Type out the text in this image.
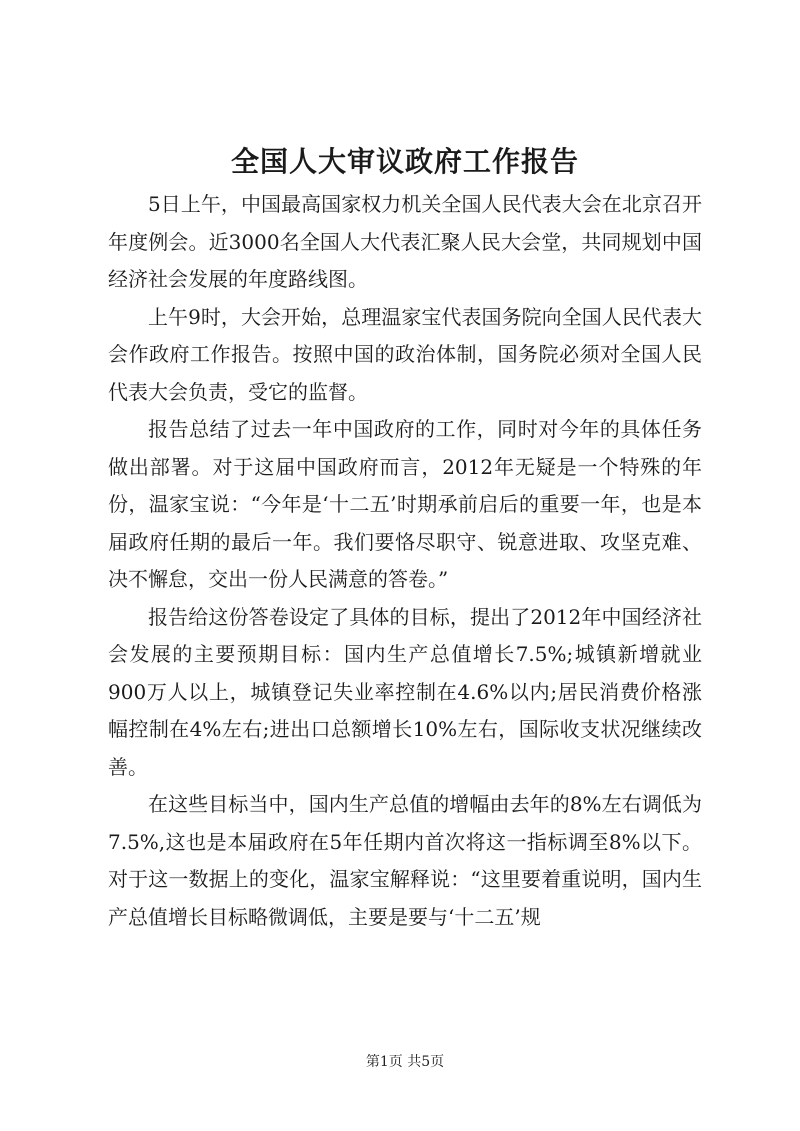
全国人大审议政府工作报告

5日上午，中国最高国家权力机关全国人民代表大会在北京召开年度例会。近3000名全国人大代表汇聚人民大会堂，共同规划中国经济社会发展的年度路线图。

上午9时，大会开始，总理温家宝代表国务院向全国人民代表大会作政府工作报告。按照中国的政治体制，国务院必须对全国人民代表大会负责，受它的监督。

报告总结了过去一年中国政府的工作，同时对今年的具体任务做出部署。对于这届中国政府而言，2012年无疑是一个特殊的年份，温家宝说：“今年是‘十二五’时期承前启后的重要一年，也是本届政府任期的最后一年。我们要恪尽职守、锐意进取、攻坚克难、决不懈怠，交出一份人民满意的答卷。”

报告给这份答卷设定了具体的目标，提出了2012年中国经济社会发展的主要预期目标：国内生产总值增长7.5%;城镇新增就业900万人以上，城镇登记失业率控制在4.6%以内;居民消费价格涨幅控制在4%左右;进出口总额增长10%左右，国际收支状况继续改善。

在这些目标当中，国内生产总值的增幅由去年的8%左右调低为7.5%,这也是本届政府在5年任期内首次将这一指标调至8%以下。对于这一数据上的变化，温家宝解释说：“这里要着重说明，国内生产总值增长目标略微调低，主要是要与‘十二五’规

第1页 共5页
